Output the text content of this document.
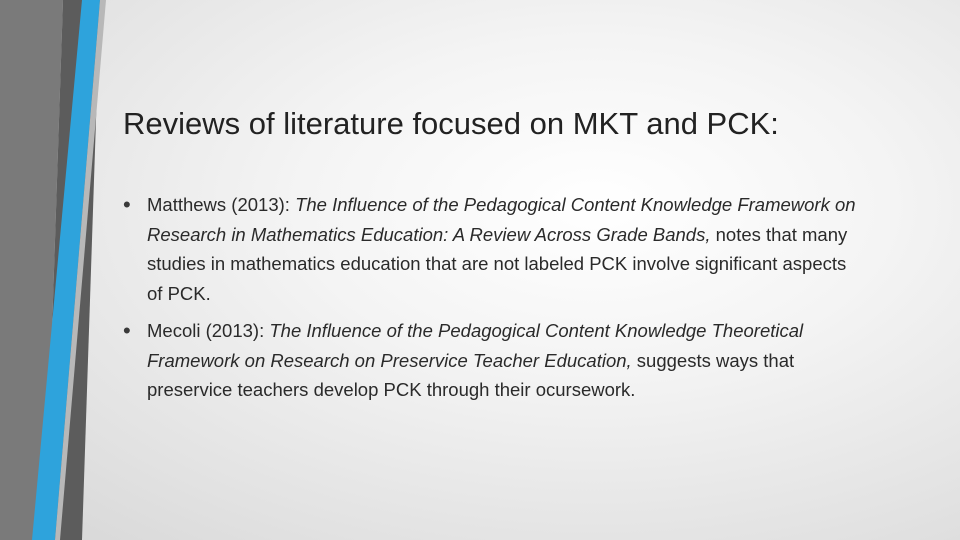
Reviews of literature focused on MKT and PCK:
• Matthews (2013): The Influence of the Pedagogical Content Knowledge Framework on Research in Mathematics Education: A Review Across Grade Bands, notes that many studies in mathematics education that are not labeled PCK involve significant aspects of PCK.
• Mecoli (2013): The Influence of the Pedagogical Content Knowledge Theoretical Framework on Research on Preservice Teacher Education, suggests ways that preservice teachers develop PCK through their ocursework.
